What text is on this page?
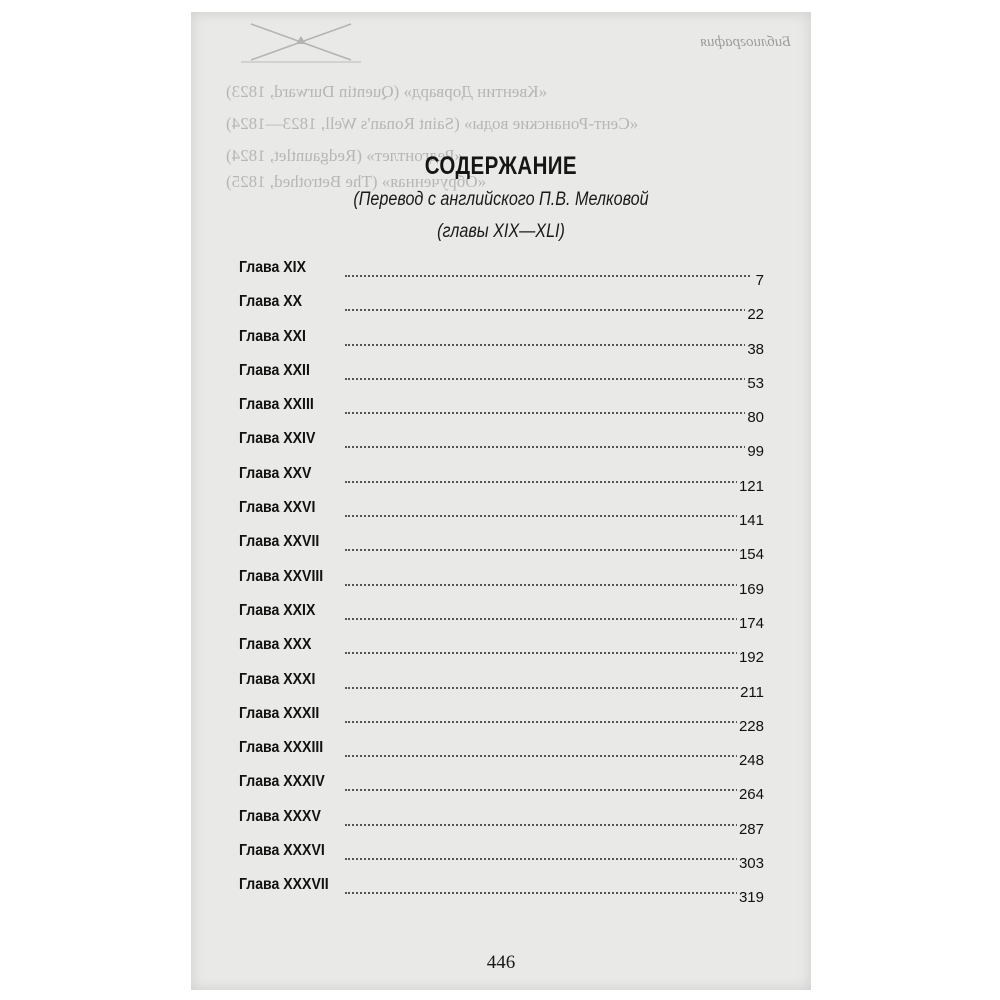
Библиография
«Квентин Дорвард» (Quentin Durward, 1823)
«Сент-Ронанские воды» (Saint Ronan's Well, 1823—1824)
«Редгонтлет» (Redgauntlet, 1824)
«Обрученная» (The Betrothed, 1825)
СОДЕРЖАНИЕ
(Перевод с английского П.В. Мелковой
(главы XIX—XLI)
Глава XIX
7
Глава XX
22
Глава XXI
38
Глава XXII
53
Глава XXIII
80
Глава XXIV
99
Глава XXV
121
Глава XXVI
141
Глава XXVII
154
Глава XXVIII
169
Глава XXIX
174
Глава XXX
192
Глава XXXI
211
Глава XXXII
228
Глава XXXIII
248
Глава XXXIV
264
Глава XXXV
287
Глава XXXVI
303
Глава XXXVII
319
446
